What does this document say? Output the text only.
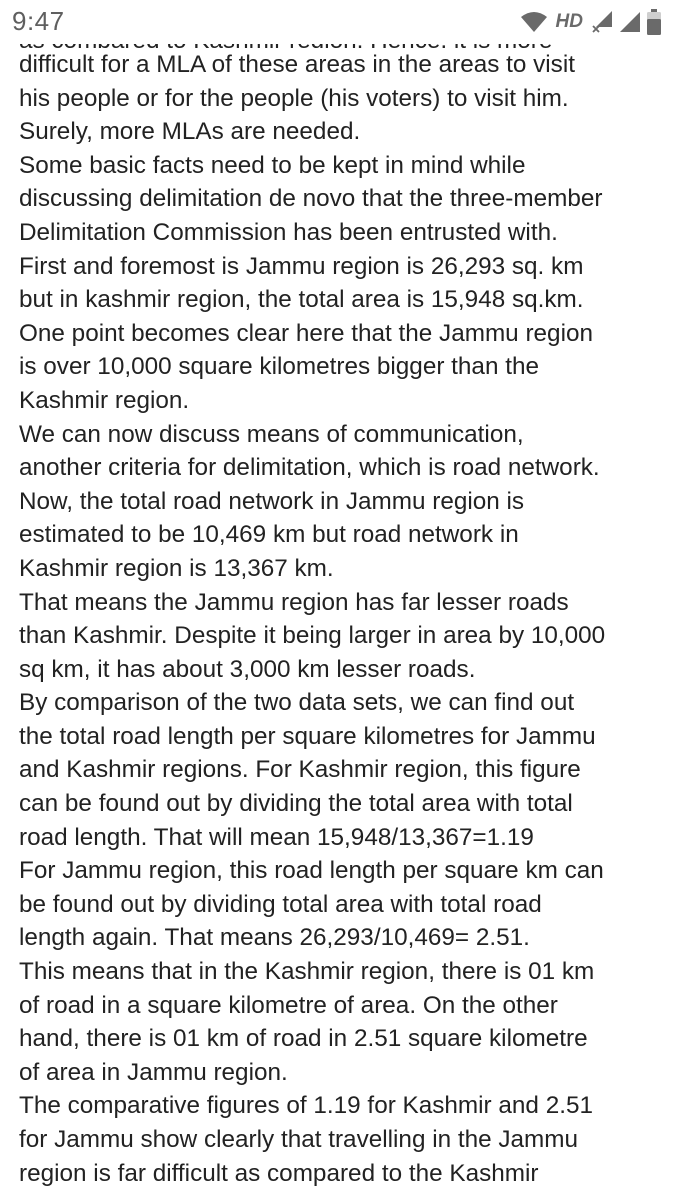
9:47	HD

difficult for a MLA of these areas in the areas to visit

his people or for the people (his voters) to visit him.

Surely, more MLAs are needed.

Some basic facts need to be kept in mind while

discussing delimitation de novo that the three-member

Delimitation Commission has been entrusted with.

First and foremost is Jammu region is 26,293 sq. km

but in kashmir region, the total area is 15,948 sq.km.

One point becomes clear here that the Jammu region

is over 10,000 square kilometres bigger than the

Kashmir region.

We can now discuss means of communication,

another criteria for delimitation, which is road network.

Now, the total road network in Jammu region is

estimated to be 10,469 km but road network in

Kashmir region is 13,367 km.

That means the Jammu region has far lesser roads

than Kashmir. Despite it being larger in area by 10,000

sq km, it has about 3,000 km lesser roads.

By comparison of the two data sets, we can find out

the total road length per square kilometres for Jammu

and Kashmir regions. For Kashmir region, this figure

can be found out by dividing the total area with total

road length. That will mean 15,948/13,367=1.19

For Jammu region, this road length per square km can

be found out by dividing total area with total road

length again. That means 26,293/10,469= 2.51.

This means that in the Kashmir region, there is 01 km

of road in a square kilometre of area. On the other

hand, there is 01 km of road in 2.51 square kilometre

of area in Jammu region.

The comparative figures of 1.19 for Kashmir and 2.51

for Jammu show clearly that travelling in the Jammu

region is far difficult as compared to the Kashmir
